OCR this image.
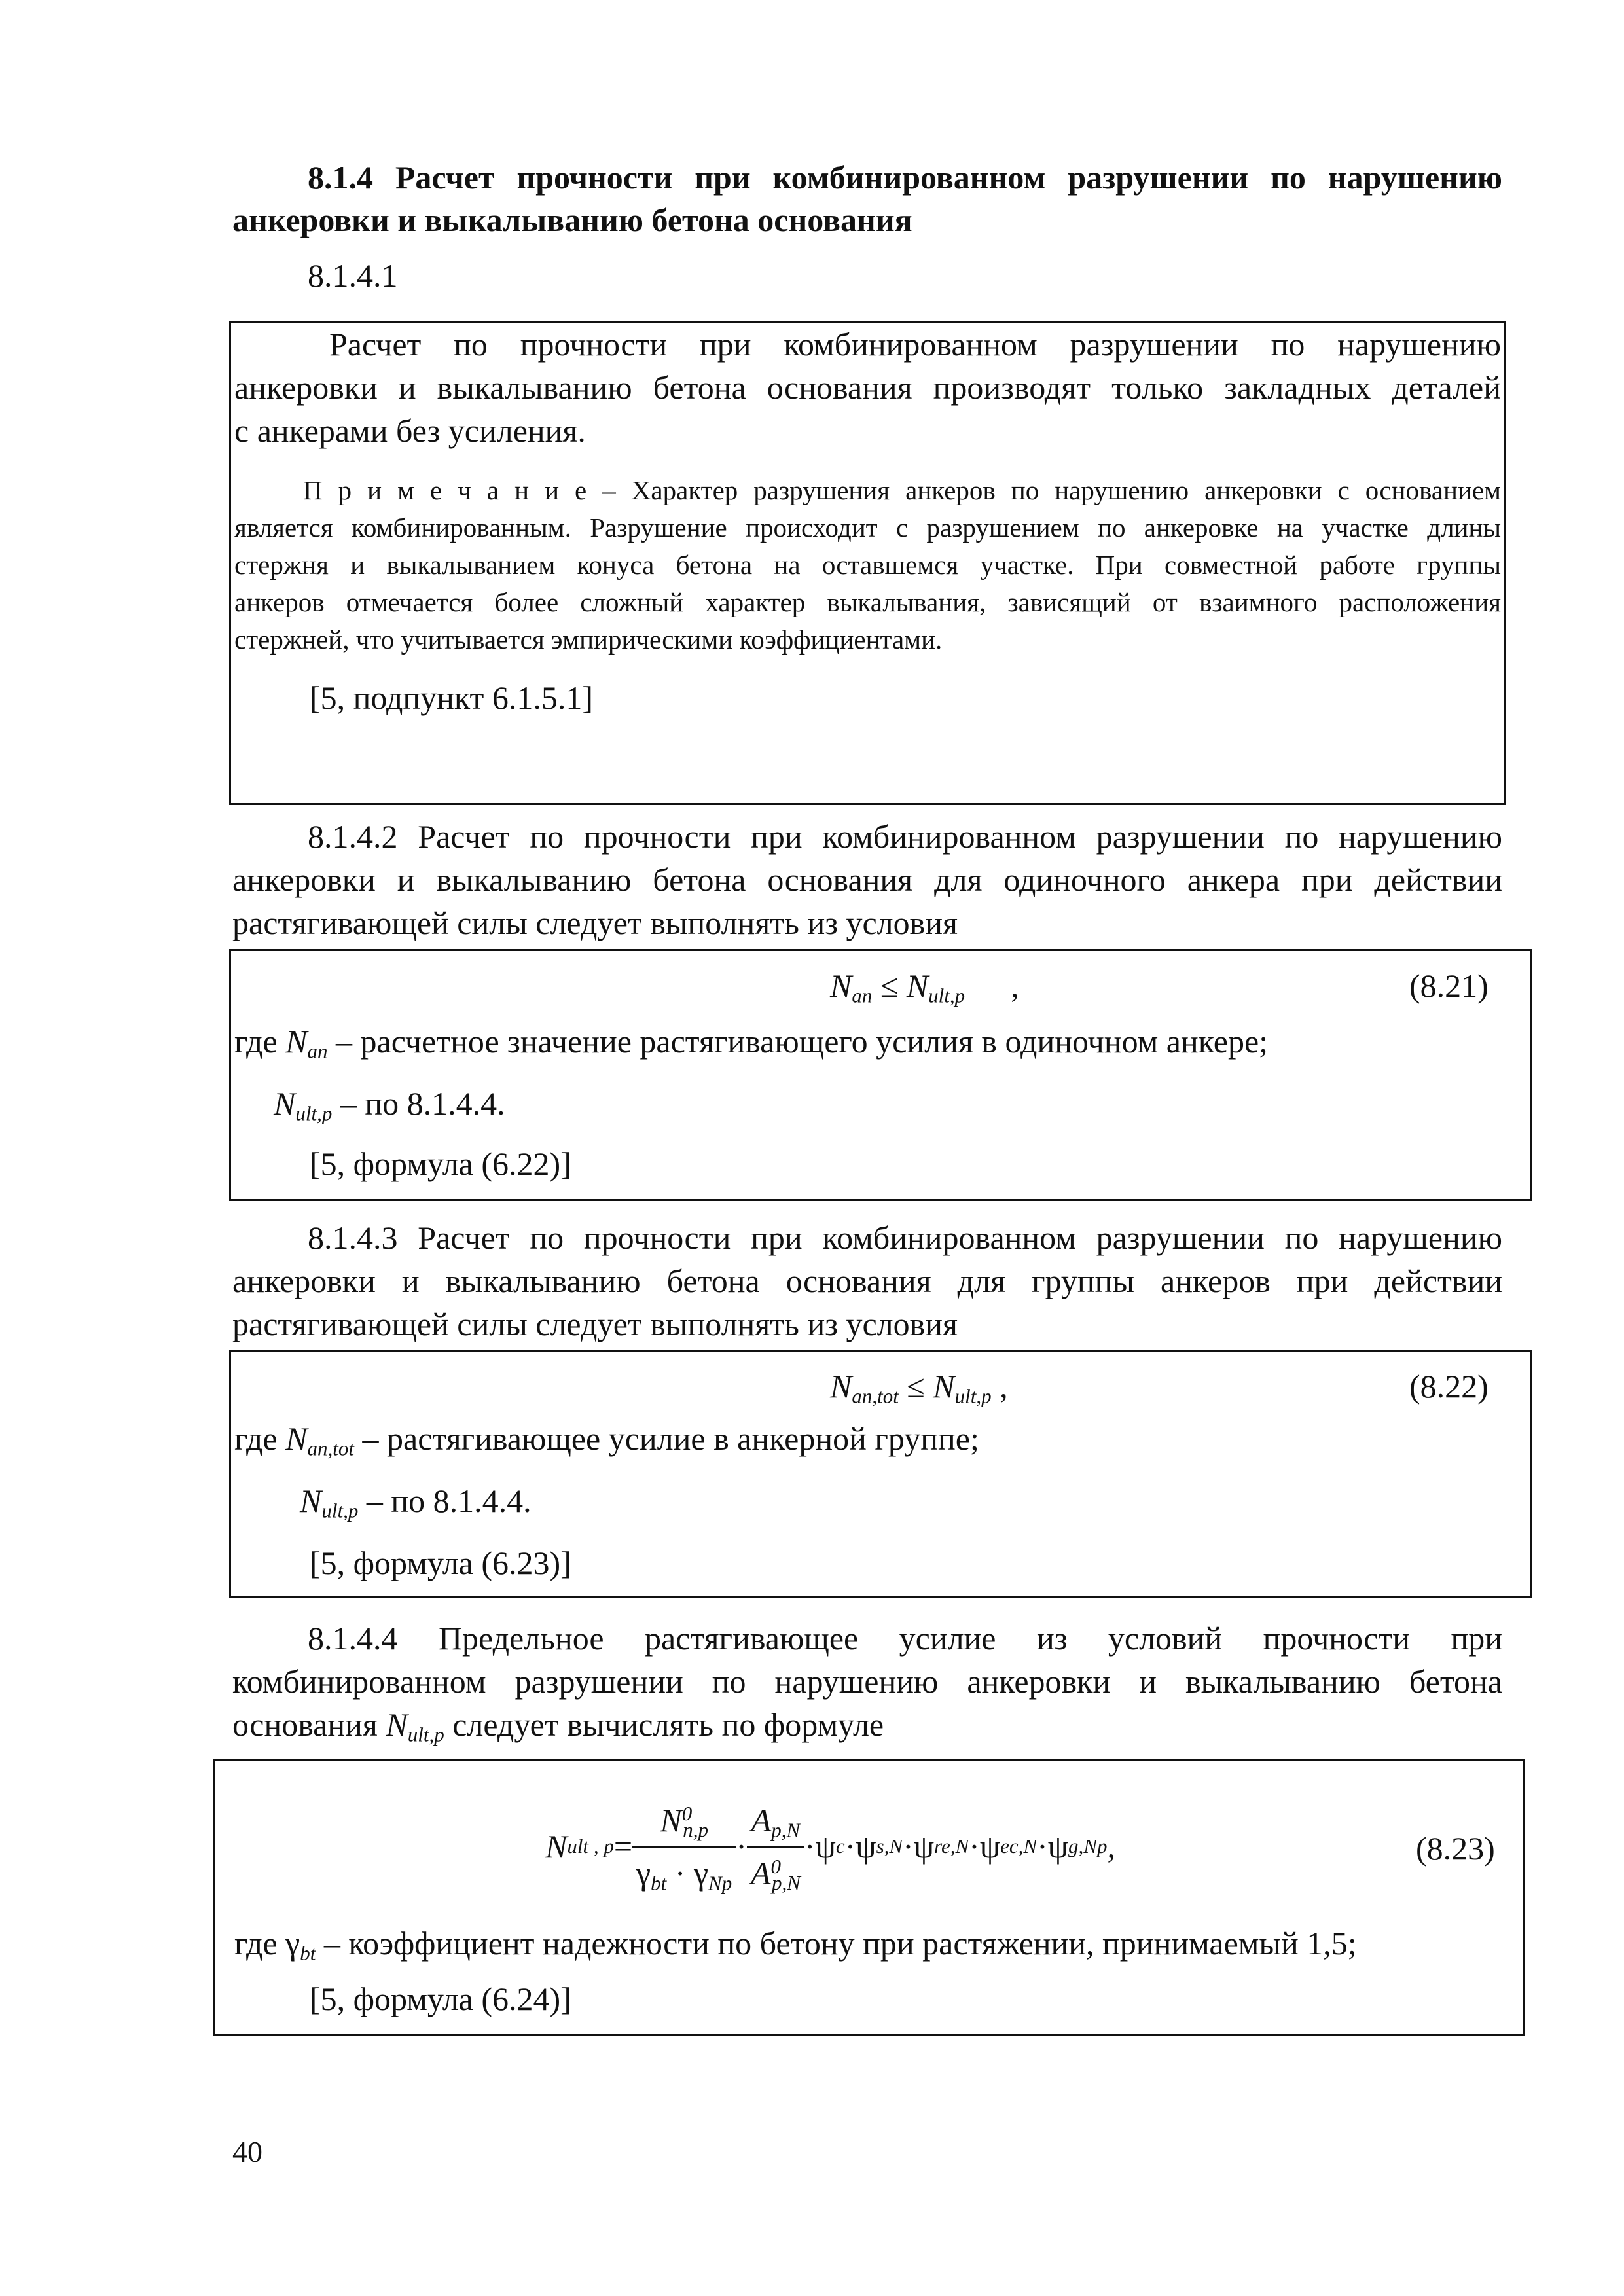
8.1.4 Расчет прочности при комбинированном разрушении по нарушению
анкеровки и выкалыванию бетона основания
8.1.4.1
Расчет по прочности при комбинированном разрушении по нарушению
анкеровки и выкалыванию бетона основания производят только закладных деталей
с анкерами без усиления.
П р и м е ч а н и е – Характер разрушения анкеров по нарушению анкеровки с основанием
является комбинированным. Разрушение происходит с разрушением по анкеровке на участке длины
стержня и выкалыванием конуса бетона на оставшемся участке. При совместной работе группы
анкеров отмечается более сложный характер выкалывания, зависящий от взаимного расположения
стержней, что учитывается эмпирическими коэффициентами.
[5, подпункт 6.1.5.1]
8.1.4.2 Расчет по прочности при комбинированном разрушении по нарушению
анкеровки и выкалыванию бетона основания для одиночного анкера при действии
растягивающей силы следует выполнять из условия
$N_{an} \le N_{ult,p}$ ,	(8.21)
где $N_{an}$ – расчетное значение растягивающего усилия в одиночном анкере;
$N_{ult,p}$ – по 8.1.4.4.
[5, формула (6.22)]
8.1.4.3 Расчет по прочности при комбинированном разрушении по нарушению
анкеровки и выкалыванию бетона основания для группы анкеров при действии
растягивающей силы следует выполнять из условия
$N_{an,tot} \le N_{ult,p}$ ,	(8.22)
где $N_{an,tot}$ – растягивающее усилие в анкерной группе;
$N_{ult,p}$ – по 8.1.4.4.
[5, формула (6.23)]
8.1.4.4 Предельное растягивающее усилие из условий прочности при
комбинированном разрушении по нарушению анкеровки и выкалыванию бетона
основания $N_{ult,p}$ следует вычислять по формуле
N ult , $p = \frac{N^0_{n,p}}{\gamma_{bt} \cdot \gamma_{Np}} \cdot \frac{A_{p,N}}{A^0_{p,N}} \cdot \psi$ c · ψ s,N · ψ re,N · ψ ec,N · ψ g,Np ,	(8.23)
где $\gamma_{bt}$ – коэффициент надежности по бетону при растяжении, принимаемый 1,5;
[5, формула (6.24)]
40
